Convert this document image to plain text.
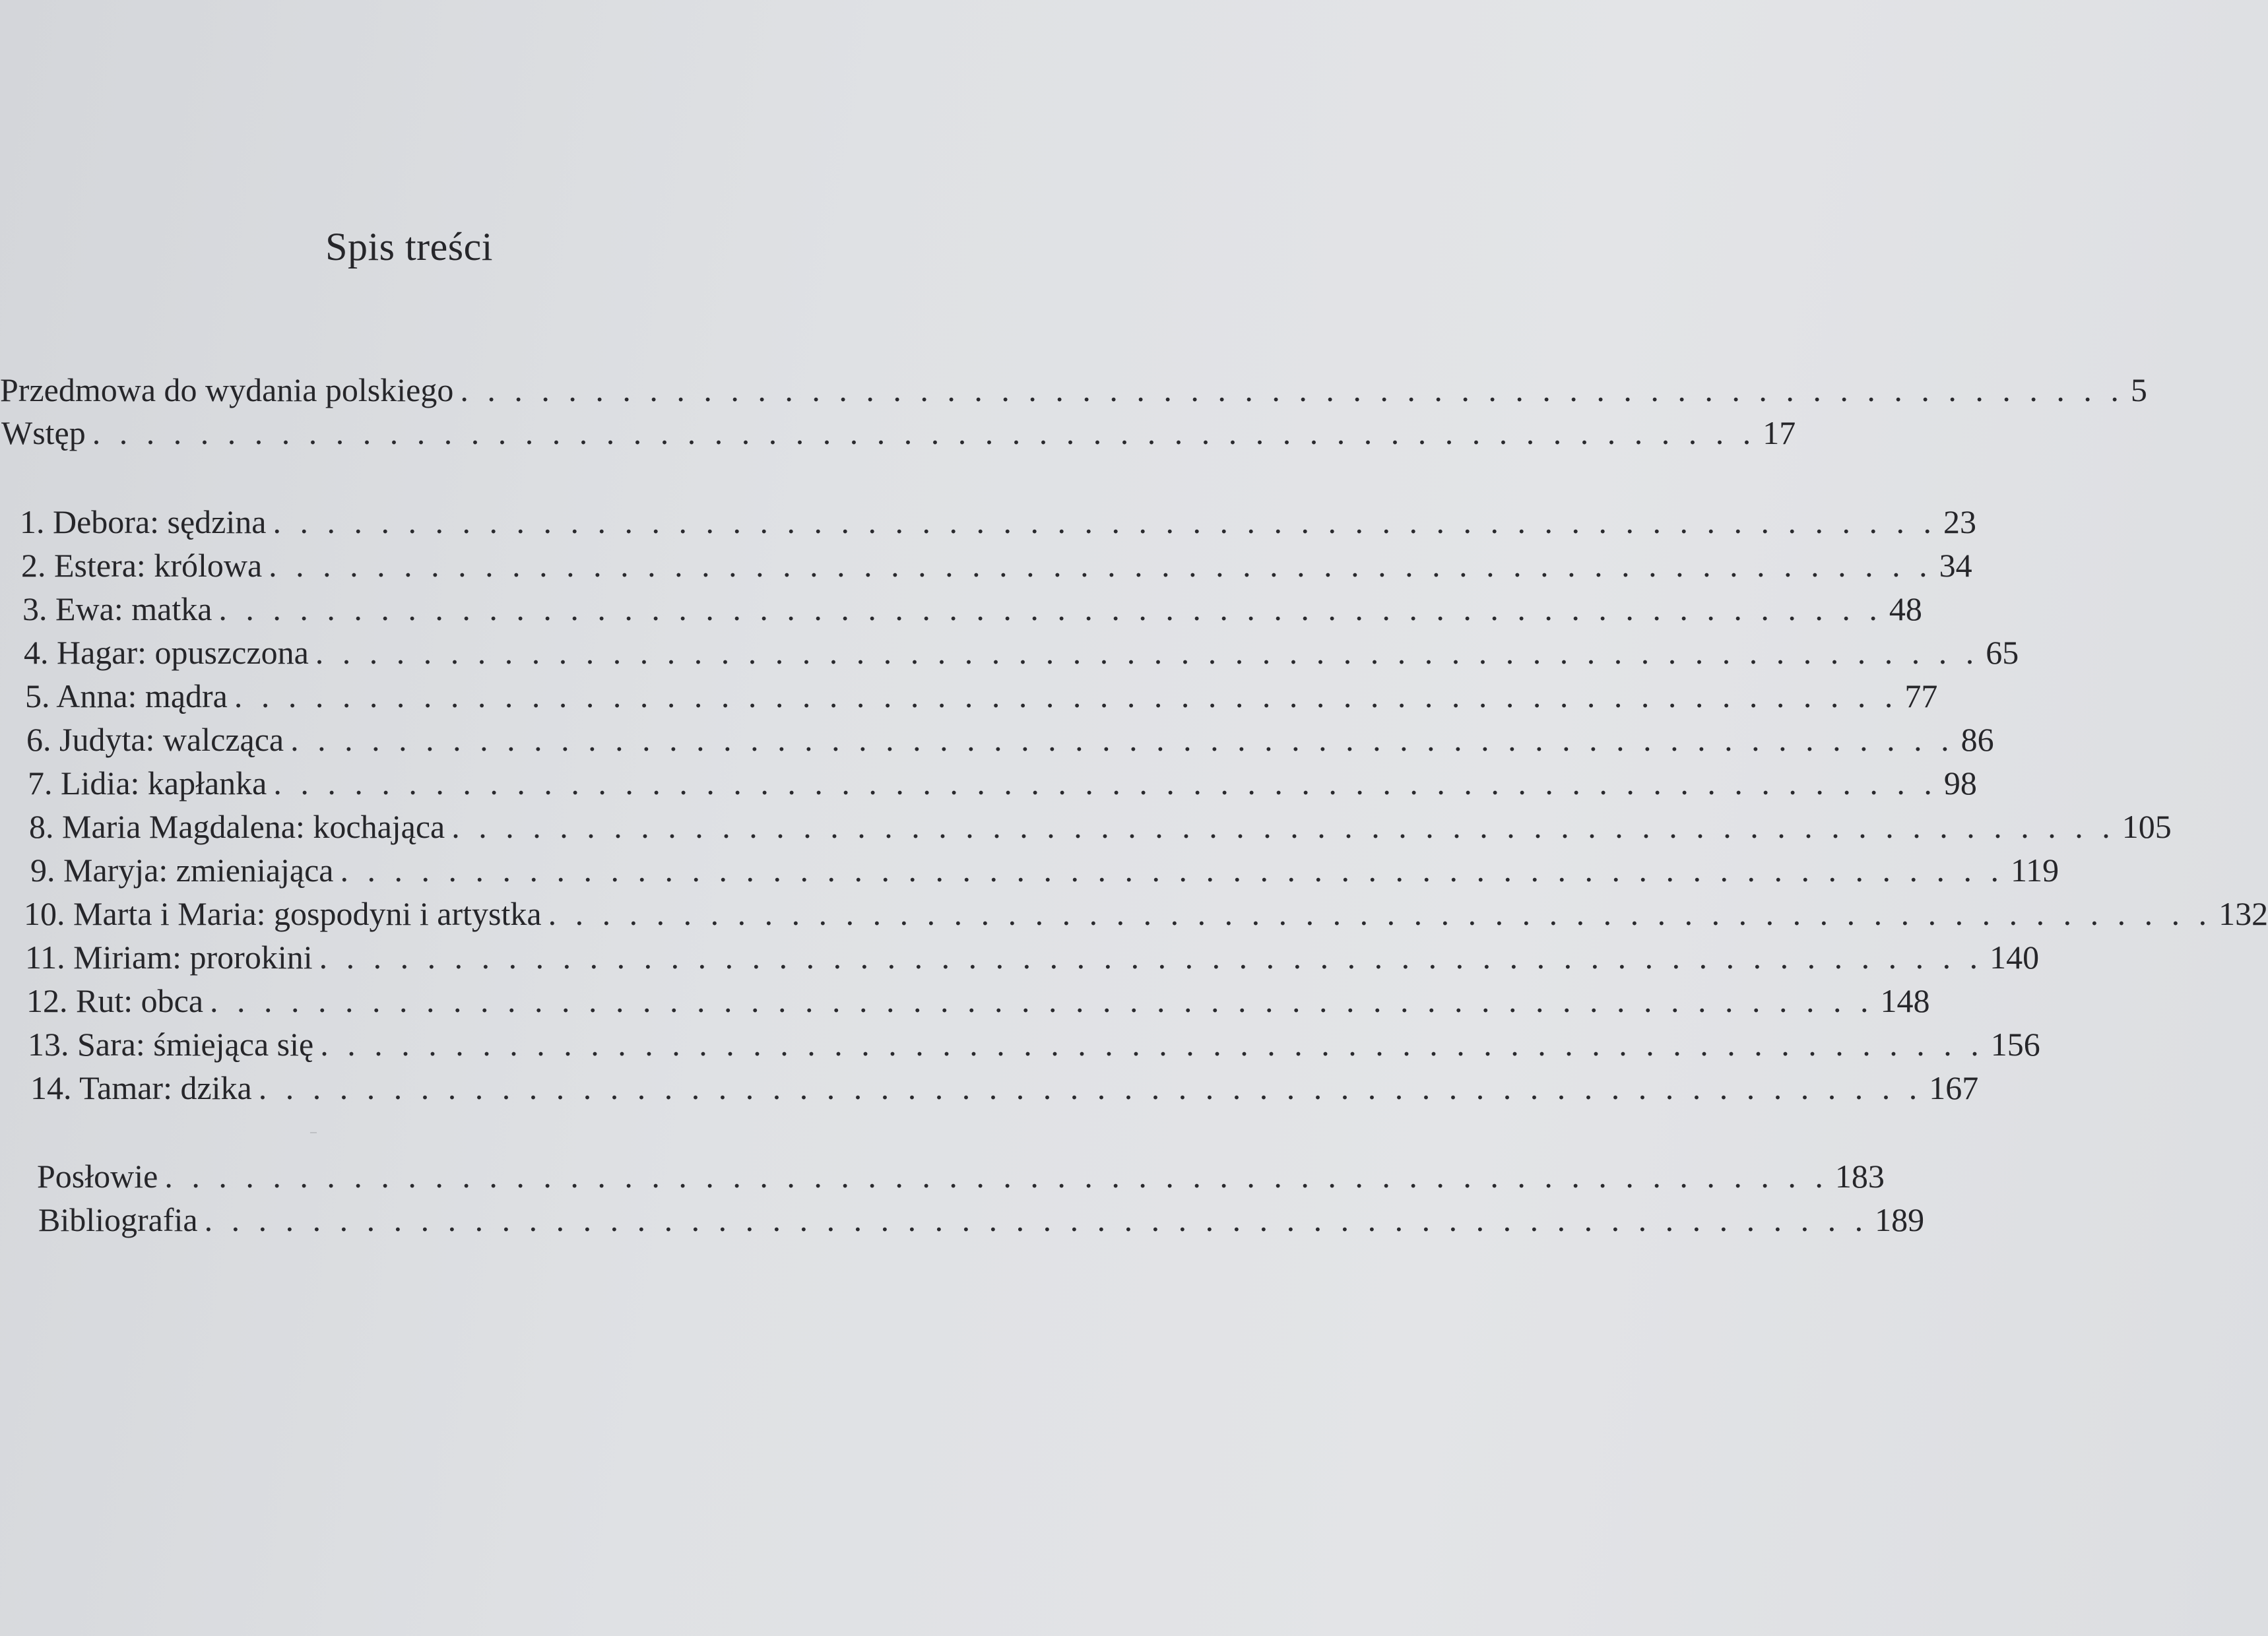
Spis treści
Przedmowa do wydania polskiego . . . . . . . . . . . . . . . . . . . . . . . . . . . . . . . . . . . . . . . . . . . . . . . . . . . . . . . . . . . . . . 5
Wstęp . . . . . . . . . . . . . . . . . . . . . . . . . . . . . . . . . . . . . . . . . . . . . . . . . . . . . . . . . . . . . . 17
1. Debora: sędzina . . . . . . . . . . . . . . . . . . . . . . . . . . . . . . . . . . . . . . . . . . . . . . . . . . . . . . . . . . . . . . 23
2. Estera: królowa . . . . . . . . . . . . . . . . . . . . . . . . . . . . . . . . . . . . . . . . . . . . . . . . . . . . . . . . . . . . . . 34
3. Ewa: matka . . . . . . . . . . . . . . . . . . . . . . . . . . . . . . . . . . . . . . . . . . . . . . . . . . . . . . . . . . . . . . 48
4. Hagar: opuszczona . . . . . . . . . . . . . . . . . . . . . . . . . . . . . . . . . . . . . . . . . . . . . . . . . . . . . . . . . . . . . . 65
5. Anna: mądra . . . . . . . . . . . . . . . . . . . . . . . . . . . . . . . . . . . . . . . . . . . . . . . . . . . . . . . . . . . . . . 77
6. Judyta: walcząca . . . . . . . . . . . . . . . . . . . . . . . . . . . . . . . . . . . . . . . . . . . . . . . . . . . . . . . . . . . . . . 86
7. Lidia: kapłanka . . . . . . . . . . . . . . . . . . . . . . . . . . . . . . . . . . . . . . . . . . . . . . . . . . . . . . . . . . . . . . 98
8. Maria Magdalena: kochająca . . . . . . . . . . . . . . . . . . . . . . . . . . . . . . . . . . . . . . . . . . . . . . . . . . . . . . . . . . . . . . 105
9. Maryja: zmieniająca . . . . . . . . . . . . . . . . . . . . . . . . . . . . . . . . . . . . . . . . . . . . . . . . . . . . . . . . . . . . . . 119
10. Marta i Maria: gospodyni i artystka . . . . . . . . . . . . . . . . . . . . . . . . . . . . . . . . . . . . . . . . . . . . . . . . . . . . . . . . . . . . . . 132
11. Miriam: prorokini . . . . . . . . . . . . . . . . . . . . . . . . . . . . . . . . . . . . . . . . . . . . . . . . . . . . . . . . . . . . . . 140
12. Rut: obca . . . . . . . . . . . . . . . . . . . . . . . . . . . . . . . . . . . . . . . . . . . . . . . . . . . . . . . . . . . . . . 148
13. Sara: śmiejąca się . . . . . . . . . . . . . . . . . . . . . . . . . . . . . . . . . . . . . . . . . . . . . . . . . . . . . . . . . . . . . . 156
14. Tamar: dzika . . . . . . . . . . . . . . . . . . . . . . . . . . . . . . . . . . . . . . . . . . . . . . . . . . . . . . . . . . . . . . 167
Posłowie . . . . . . . . . . . . . . . . . . . . . . . . . . . . . . . . . . . . . . . . . . . . . . . . . . . . . . . . . . . . . . 183
Bibliografia . . . . . . . . . . . . . . . . . . . . . . . . . . . . . . . . . . . . . . . . . . . . . . . . . . . . . . . . . . . . . . 189
